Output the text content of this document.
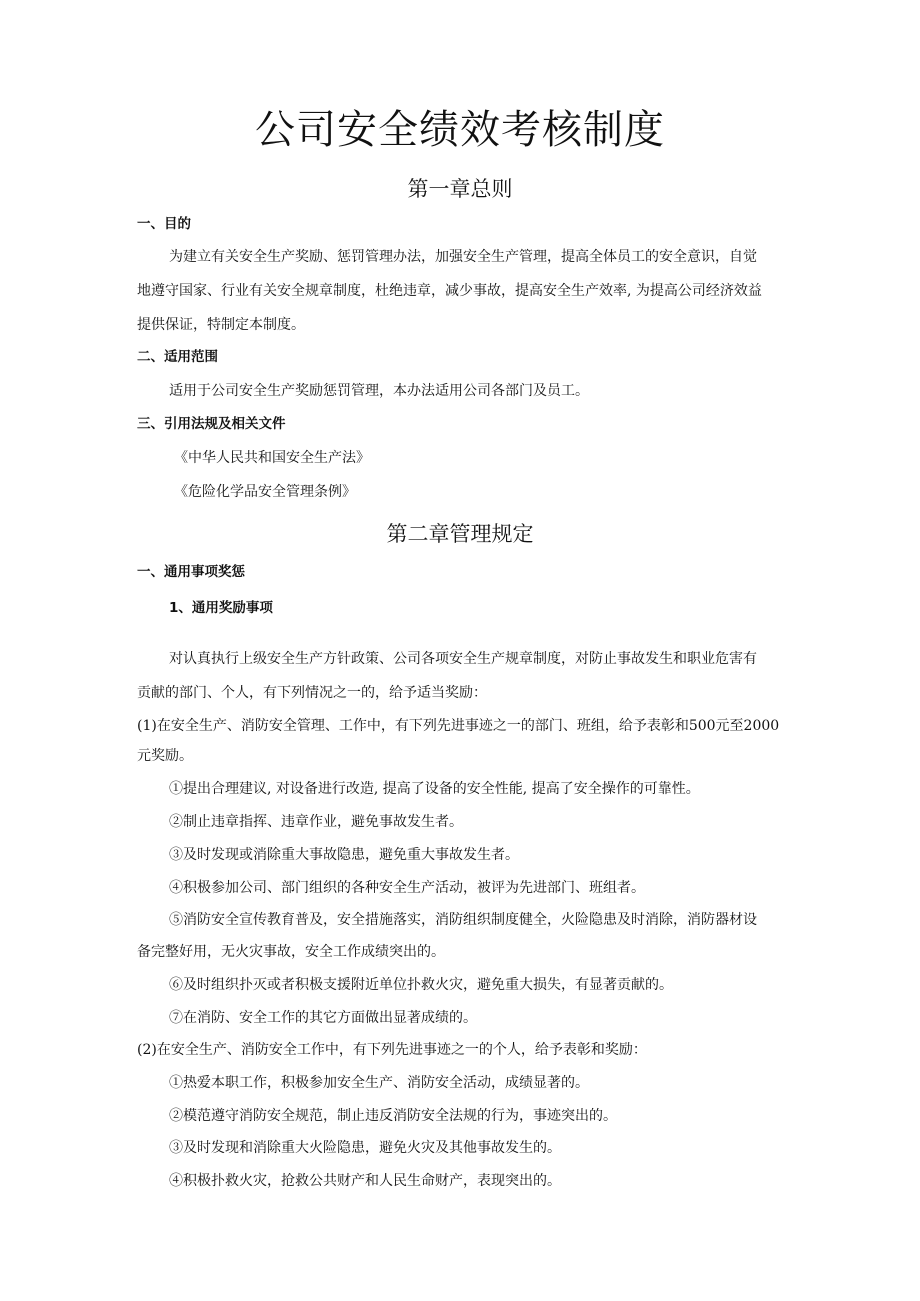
公司安全绩效考核制度
第一章总则
一、目的
为建立有关安全生产奖励、惩罚管理办法，加强安全生产管理，提高全体员工的安全意识，自觉
地遵守国家、行业有关安全规章制度，杜绝违章，减少事故，提高安全生产效率, 为提高公司经济效益
提供保证，特制定本制度。
二、适用范围
适用于公司安全生产奖励惩罚管理，本办法适用公司各部门及员工。
三、引用法规及相关文件
《中华人民共和国安全生产法》
《危险化学品安全管理条例》
第二章管理规定
一、通用事项奖惩
1、通用奖励事项
对认真执行上级安全生产方针政策、公司各项安全生产规章制度，对防止事故发生和职业危害有
贡献的部门、个人，有下列情况之一的，给予适当奖励：
(1)在安全生产、消防安全管理、工作中，有下列先进事迹之一的部门、班组，给予表彰和500元至2000
元奖励。
①提出合理建议, 对设备进行改造, 提高了设备的安全性能, 提高了安全操作的可靠性。
②制止违章指挥、违章作业，避免事故发生者。
③及时发现或消除重大事故隐患，避免重大事故发生者。
④积极参加公司、部门组织的各种安全生产活动，被评为先进部门、班组者。
⑤消防安全宣传教育普及，安全措施落实，消防组织制度健全，火险隐患及时消除，消防器材设
备完整好用，无火灾事故，安全工作成绩突出的。
⑥及时组织扑灭或者积极支援附近单位扑救火灾，避免重大损失，有显著贡献的。
⑦在消防、安全工作的其它方面做出显著成绩的。
(2)在安全生产、消防安全工作中，有下列先进事迹之一的个人，给予表彰和奖励：
①热爱本职工作，积极参加安全生产、消防安全活动，成绩显著的。
②模范遵守消防安全规范，制止违反消防安全法规的行为，事迹突出的。
③及时发现和消除重大火险隐患，避免火灾及其他事故发生的。
④积极扑救火灾，抢救公共财产和人民生命财产，表现突出的。
